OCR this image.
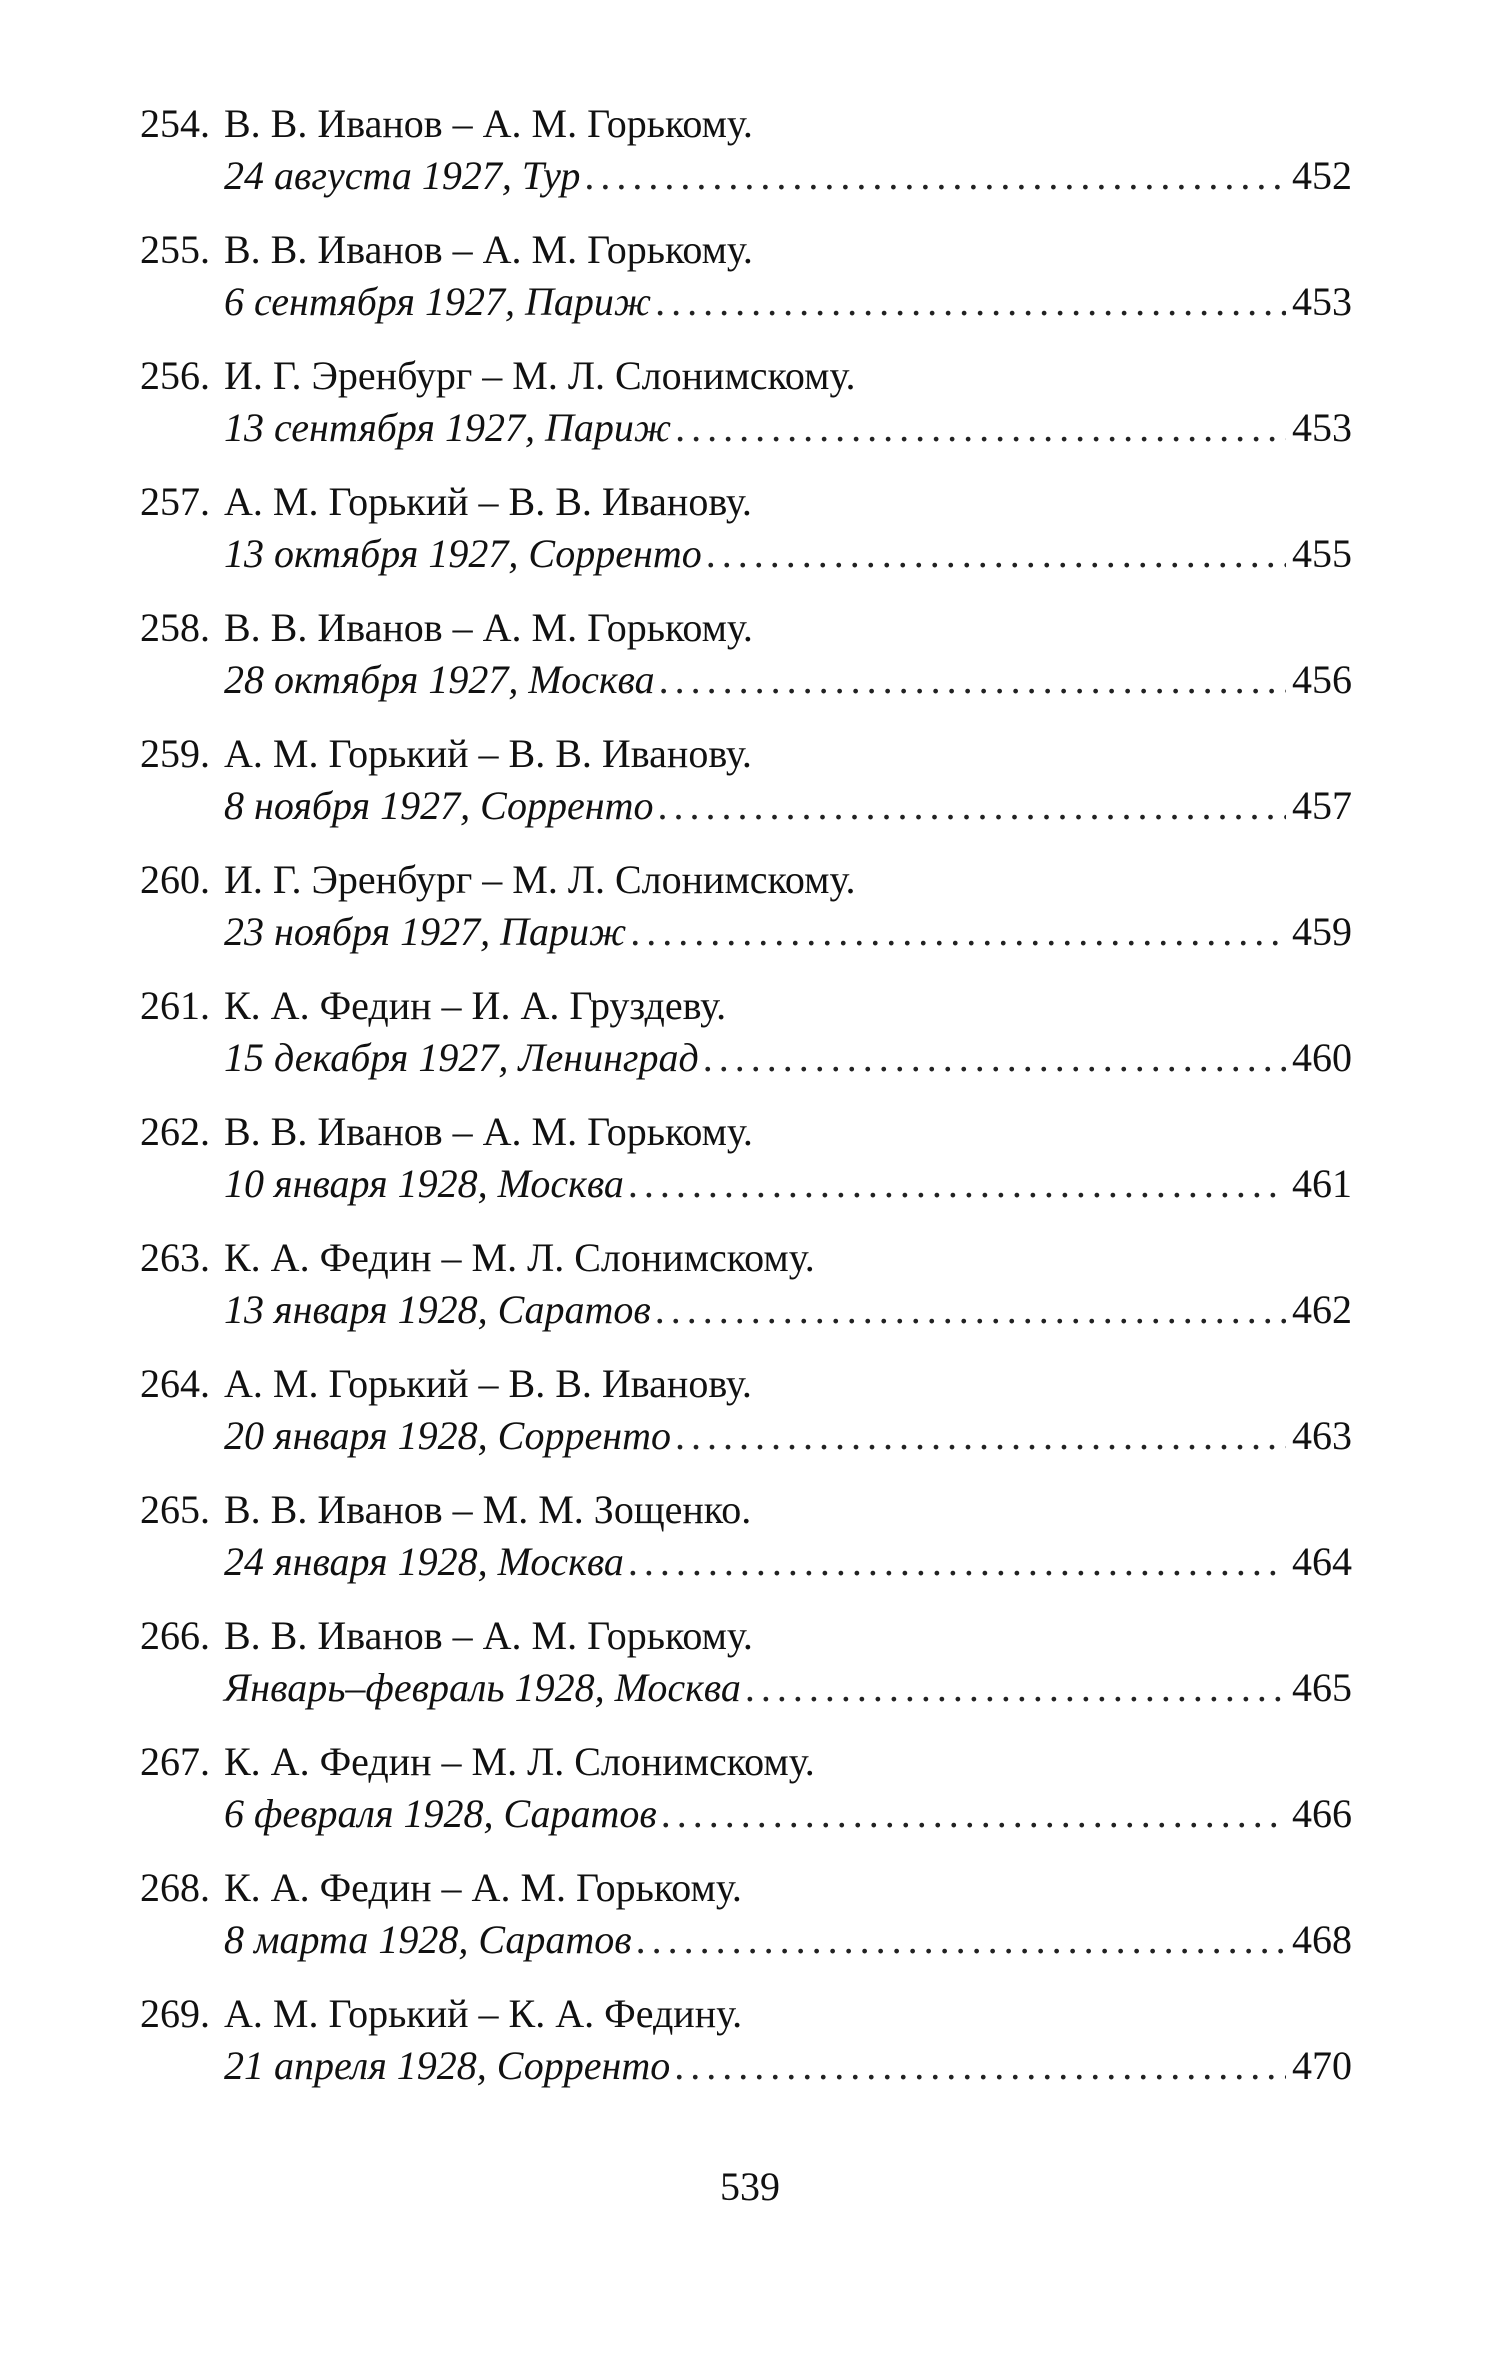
254. В. В. Иванов – А. М. Горькому.
24 августа 1927, Тур .....	452
255. В. В. Иванов – А. М. Горькому.
6 сентября 1927, Париж .....	453
256. И. Г. Эренбург – М. Л. Слонимскому.
13 сентября 1927, Париж .....	453
257. А. М. Горький – В. В. Иванову.
13 октября 1927, Сорренто .....	455
258. В. В. Иванов – А. М. Горькому.
28 октября 1927, Москва .....	456
259. А. М. Горький – В. В. Иванову.
8 ноября 1927, Сорренто .....	457
260. И. Г. Эренбург – М. Л. Слонимскому.
23 ноября 1927, Париж .....	459
261. К. А. Федин – И. А. Груздеву.
15 декабря 1927, Ленинград .....	460
262. В. В. Иванов – А. М. Горькому.
10 января 1928, Москва .....	461
263. К. А. Федин – М. Л. Слонимскому.
13 января 1928, Саратов .....	462
264. А. М. Горький – В. В. Иванову.
20 января 1928, Сорренто .....	463
265. В. В. Иванов – М. М. Зощенко.
24 января 1928, Москва .....	464
266. В. В. Иванов – А. М. Горькому.
Январь–февраль 1928, Москва .....	465
267. К. А. Федин – М. Л. Слонимскому.
6 февраля 1928, Саратов .....	466
268. К. А. Федин – А. М. Горькому.
8 марта 1928, Саратов .....	468
269. А. М. Горький – К. А. Федину.
21 апреля 1928, Сорренто .....	470
539
